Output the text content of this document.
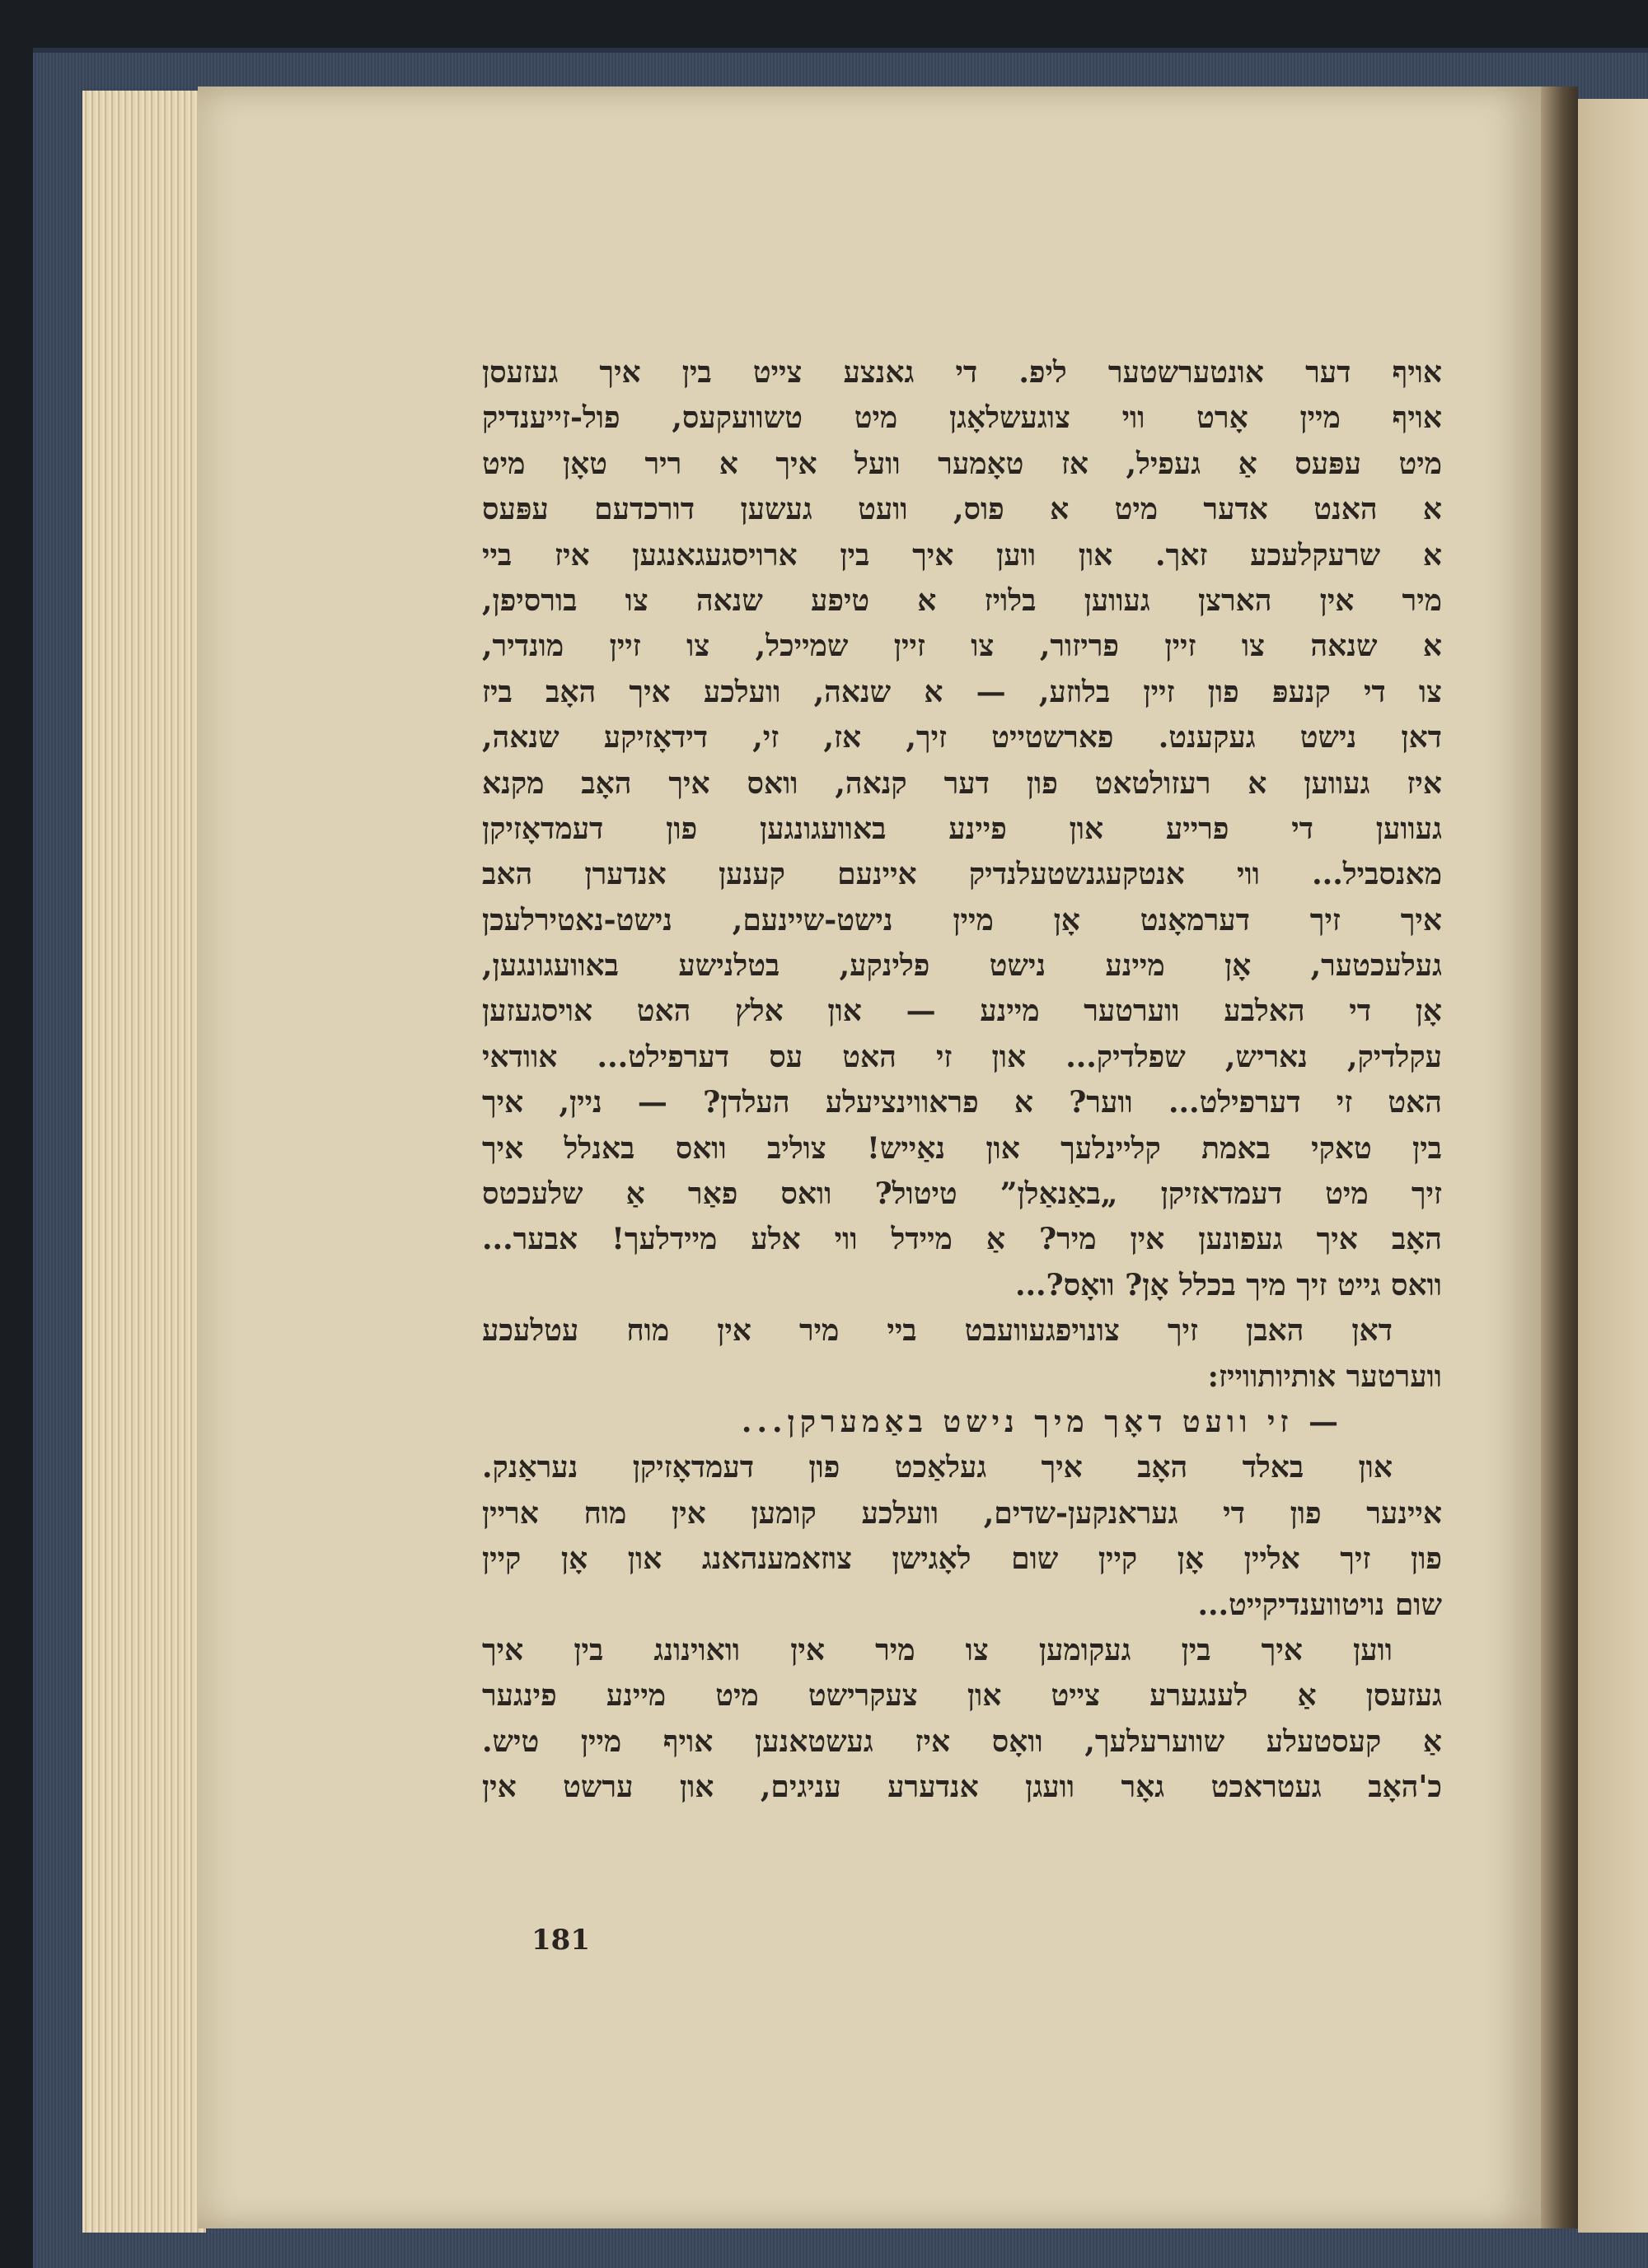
אויף דער אונטערשטער ליפ. די גאנצע צייט בין איך געזעסן
אויף מיין אָרט ווי צוגעשלאָגן מיט טשוועקעס, פול-זייענדיק
מיט עפּעס אַ געפיל, אז טאָמער וועל איך א ריר טאָן מיט
א האנט אדער מיט א פוס, וועט געשען דורכדעם עפּעס
א שרעקלעכע זאך. און ווען איך בין ארויסגעגאנגען איז ביי
מיר אין הארצן געווען בלויז א טיפע שנאה צו בורסיפן,
א שנאה צו זיין פריזור, צו זיין שמייכל, צו זיין מונדיר,
צו די קנעפּ פון זיין בלוזע, — א שנאה, וועלכע איך האָב ביז
דאן נישט געקענט. פארשטייט זיך, אז, זי, דידאָזיקע שנאה,
איז געווען א רעזולטאט פון דער קנאה, וואס איך האָב מקנא
געווען די פרייע און פיינע באוועגונגען פון דעמדאָזיקן
מאנסביל... ווי אנטקעגנשטעלנדיק איינעם קענען אנדערן האב
איך זיך דערמאָנט אָן מיין נישט-שיינעם, נישט-נאטירלעכן
געלעכטער, אָן מיינע נישט פלינקע, בטלנישע באוועגונגען,
אָן די האלבע ווערטער מיינע — און אלץ האט אויסגעזען
עקלדיק, נאריש, שפלדיק... און זי האט עס דערפילט... אוודאי
האט זי דערפילט... ווער? א פראווינציעלע העלדן? — ניין, איך
בין טאקי באמת קליינלעך און נאַייש! צוליב וואס באנלל איך
זיך מיט דעמדאזיקן „באַנאַלן” טיטול? וואס פאַר אַ שלעכטס
האָב איך געפונען אין מיר? אַ מיידל ווי אלע מיידלעך! אבער...
וואס גייט זיך מיך בכלל אָן? וואָס?...
דאן האבן זיך צונויפגעוועבט ביי מיר אין מוח עטלעכע
ווערטער אותיותווייז:
— זי וועט דאָך מיך נישט באַמערקן...
און באלד האָב איך געלאַכט פון דעמדאָזיקן נעראַנק.
איינער פון די געראנקען-שדים, וועלכע קומען אין מוח אריין
פון זיך אליין אָן קיין שום לאָגישן צוזאמענהאנג און אָן קיין
שום נויטווענדיקייט...
ווען איך בין געקומען צו מיר אין וואוינונג בין איך
געזעסן אַ לענגערע צייט און צעקרישט מיט מיינע פינגער
אַ קעסטעלע שווערעלעך, וואָס איז געשטאנען אויף מיין טיש.
כ'האָב געטראכט גאָר וועגן אנדערע עניגים, און ערשט אין
181
